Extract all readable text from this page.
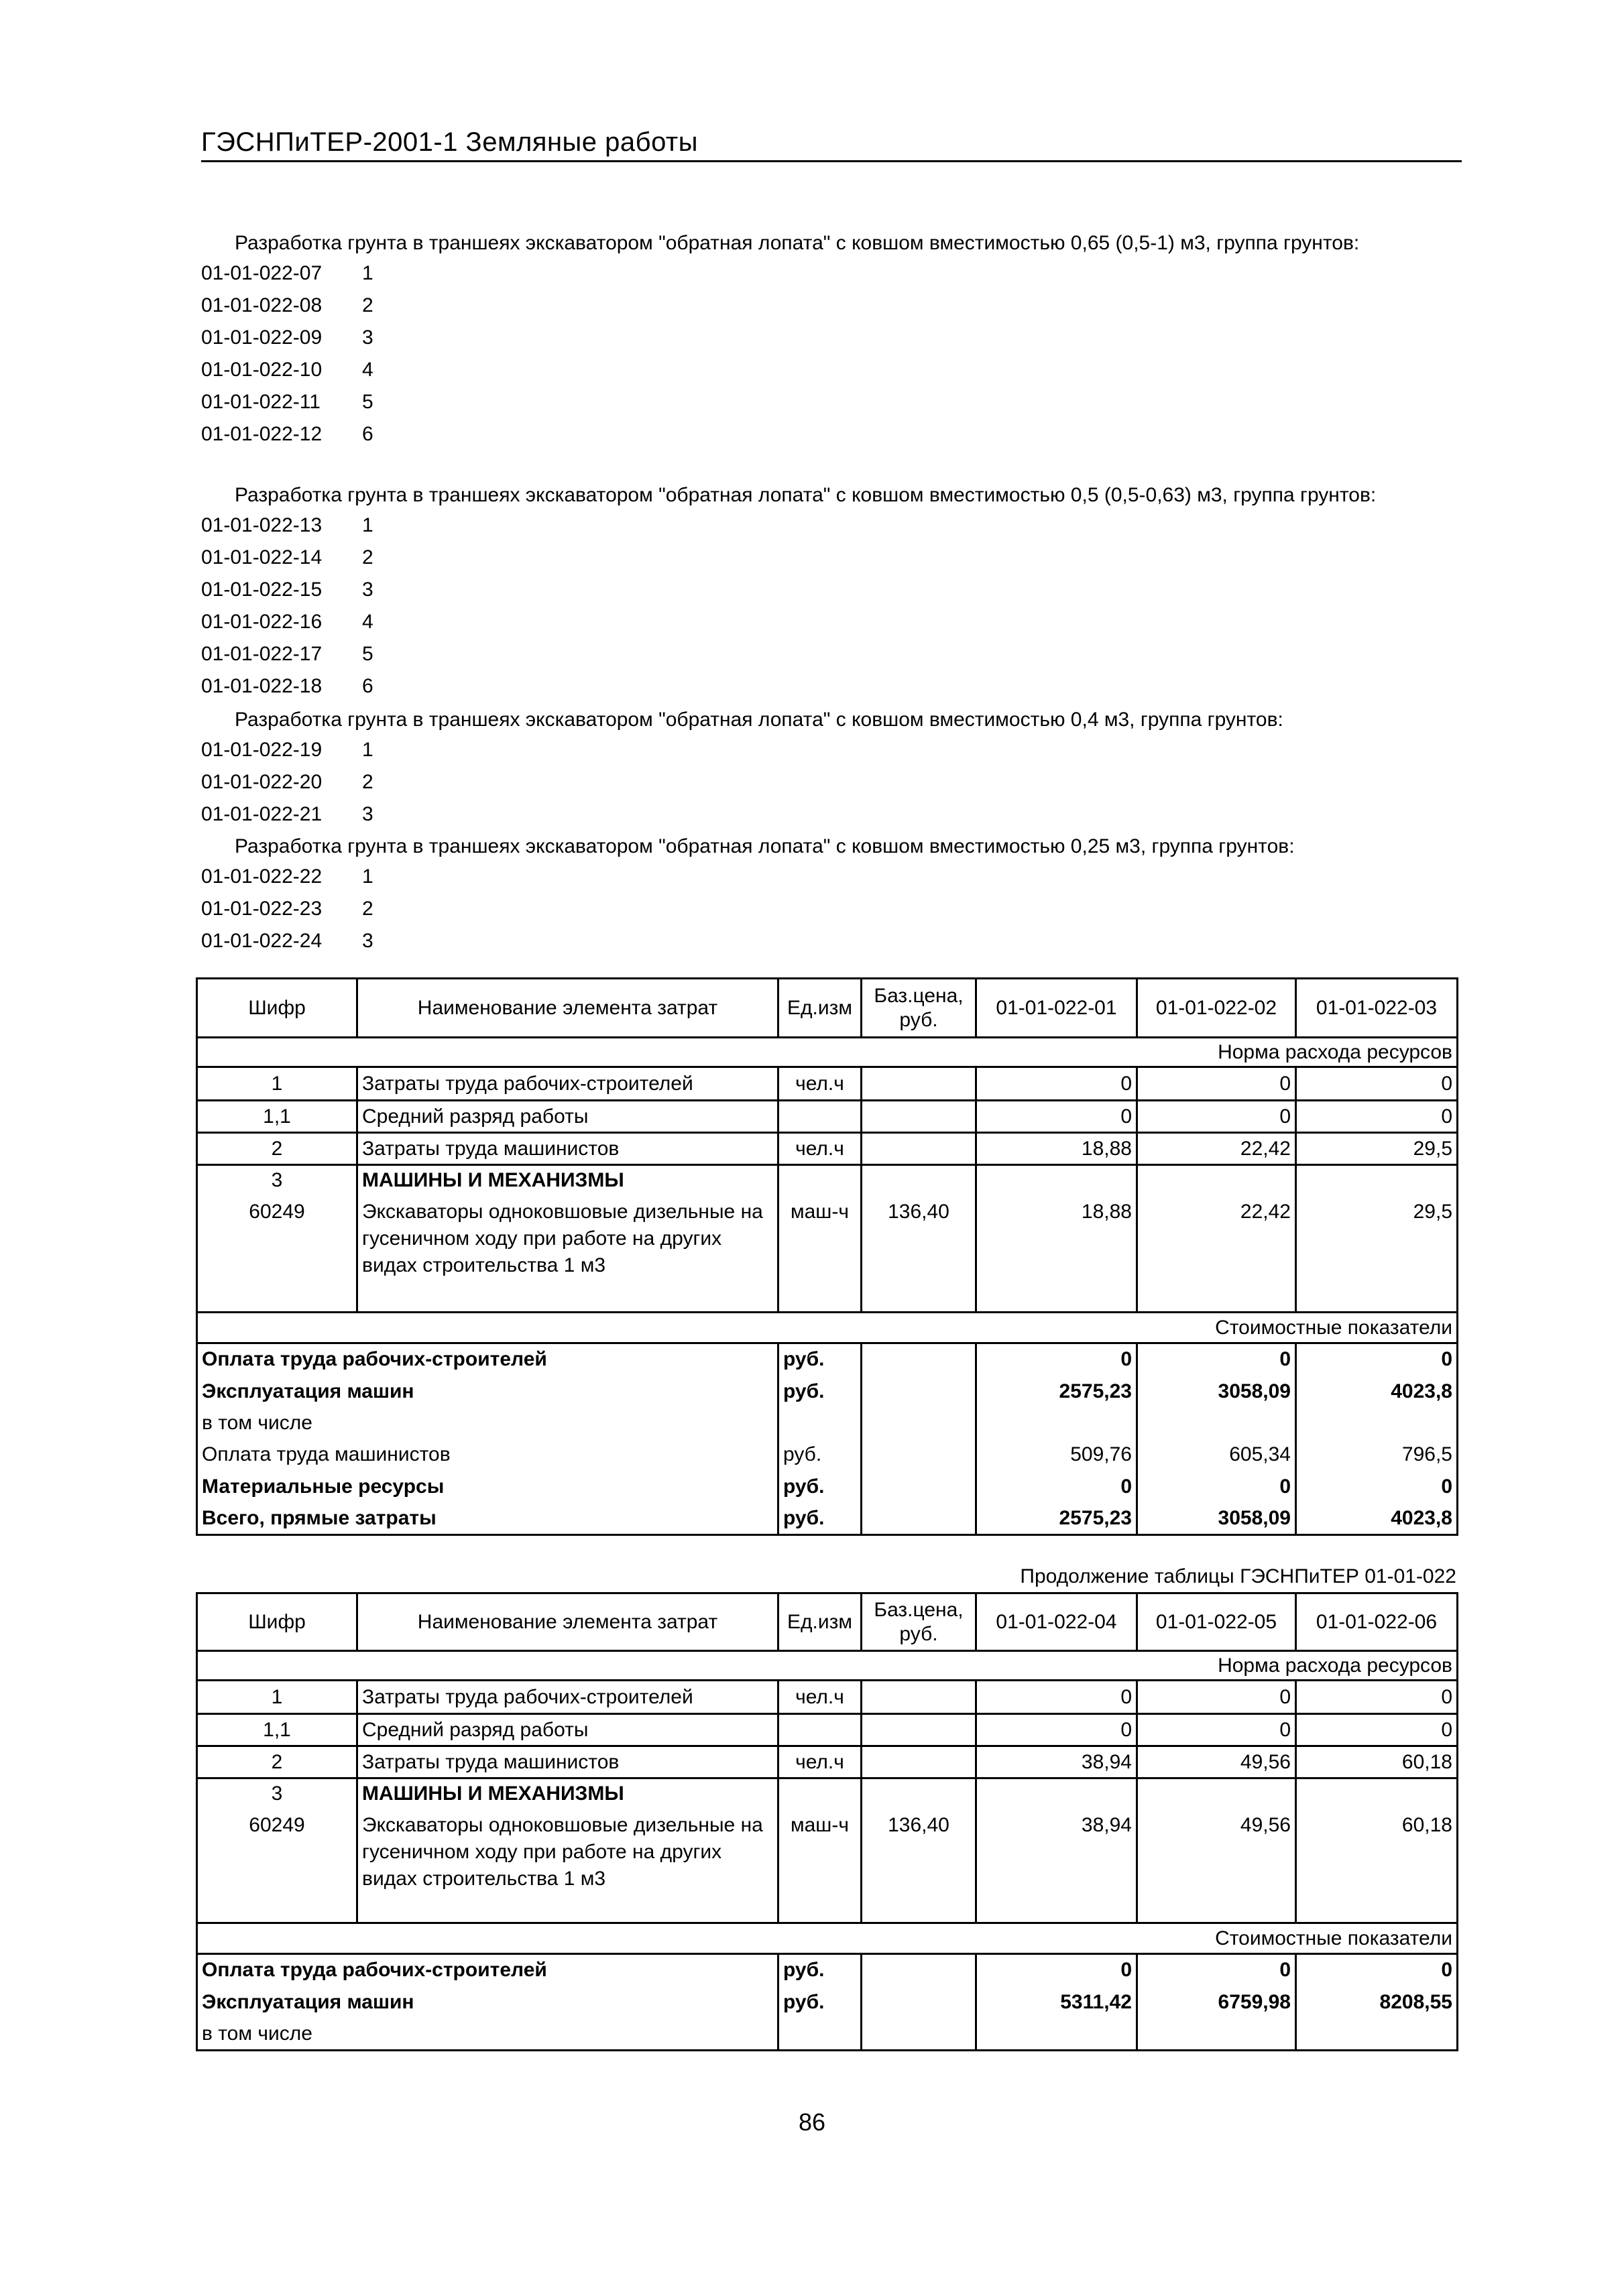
ГЭСНПиТЕР-2001-1 Земляные работы
Разработка грунта в траншеях экскаватором "обратная лопата" с ковшом вместимостью 0,65 (0,5-1) м3, группа грунтов:
01-01-022-07 1
01-01-022-08 2
01-01-022-09 3
01-01-022-10 4
01-01-022-11 5
01-01-022-12 6
Разработка грунта в траншеях экскаватором "обратная лопата" с ковшом вместимостью 0,5 (0,5-0,63) м3, группа грунтов:
01-01-022-13 1
01-01-022-14 2
01-01-022-15 3
01-01-022-16 4
01-01-022-17 5
01-01-022-18 6
Разработка грунта в траншеях экскаватором "обратная лопата" с ковшом вместимостью 0,4 м3, группа грунтов:
01-01-022-19 1
01-01-022-20 2
01-01-022-21 3
Разработка грунта в траншеях экскаватором "обратная лопата" с ковшом вместимостью 0,25 м3, группа грунтов:
01-01-022-22 1
01-01-022-23 2
01-01-022-24 3
Шифр	Наименование элемента затрат	Ед.изм	Баз.цена, руб.	01-01-022-01	01-01-022-02	01-01-022-03
Норма расхода ресурсов						
1	Затраты труда рабочих-строителей	чел.ч		0	0	0
1,1	Средний разряд работы			0	0	0
2	Затраты труда машинистов	чел.ч		18,88	22,42	29,5
3	МАШИНЫ И МЕХАНИЗМЫ					
60249	Экскаваторы одноковшовые дизельные на гусеничном ходу при работе на других видах строительства 1 м3	маш-ч	136,40	18,88	22,42	29,5
Стоимостные показатели						
Оплата труда рабочих-строителей		руб.		0	0	0
Эксплуатация машин		руб.		2575,23	3058,09	4023,8
в том числе						
Оплата труда машинистов		руб.		509,76	605,34	796,5
Материальные ресурсы		руб.		0	0	0
Всего, прямые затраты		руб.		2575,23	3058,09	4023,8
Продолжение таблицы ГЭСНПиТЕР 01-01-022
Шифр	Наименование элемента затрат	Ед.изм	Баз.цена, руб.	01-01-022-04	01-01-022-05	01-01-022-06
Норма расхода ресурсов						
1	Затраты труда рабочих-строителей	чел.ч		0	0	0
1,1	Средний разряд работы			0	0	0
2	Затраты труда машинистов	чел.ч		38,94	49,56	60,18
3	МАШИНЫ И МЕХАНИЗМЫ					
60249	Экскаваторы одноковшовые дизельные на гусеничном ходу при работе на других видах строительства 1 м3	маш-ч	136,40	38,94	49,56	60,18
Стоимостные показатели						
Оплата труда рабочих-строителей		руб.		0	0	0
Эксплуатация машин		руб.		5311,42	6759,98	8208,55
в том числе						
86
